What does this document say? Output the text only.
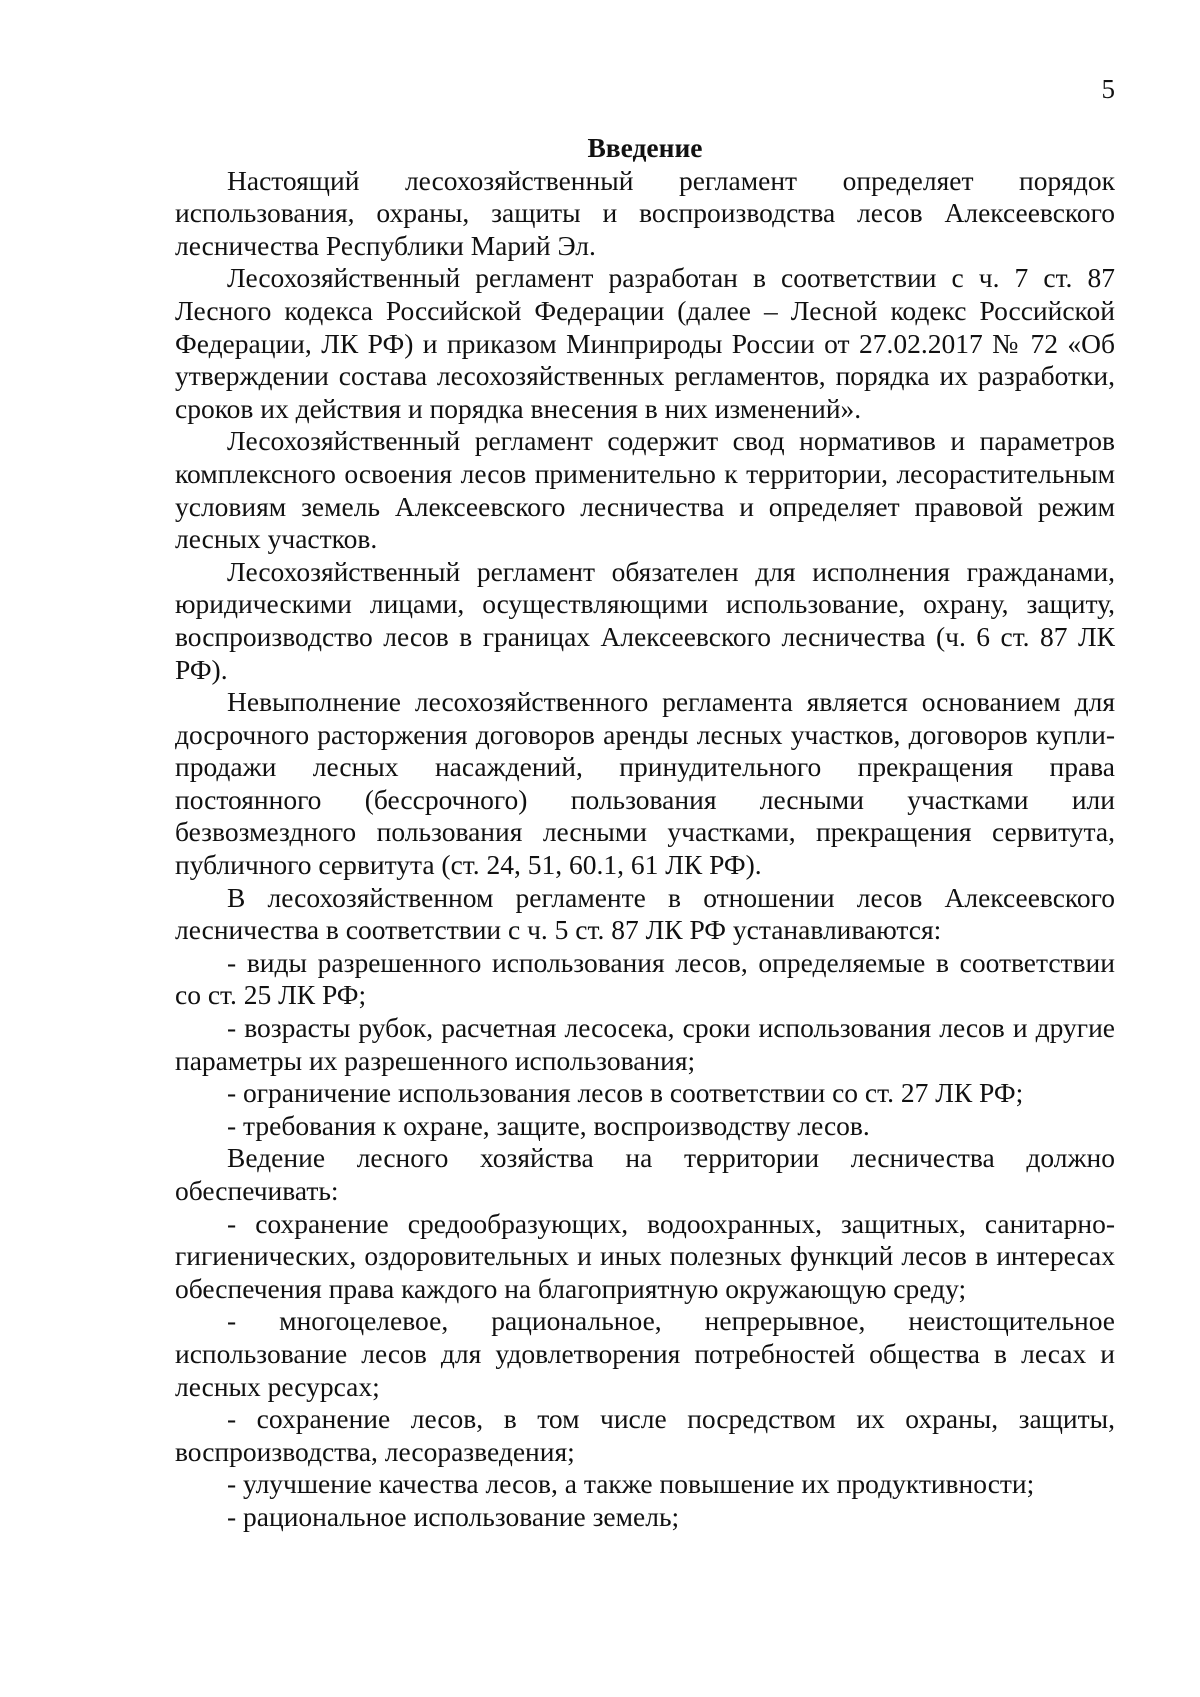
5
Введение

Настоящий лесохозяйственный регламент определяет порядок использования, охраны, защиты и воспроизводства лесов Алексеевского лесничества Республики Марий Эл.

Лесохозяйственный регламент разработан в соответствии с ч. 7 ст. 87 Лесного кодекса Российской Федерации (далее – Лесной кодекс Российской Федерации, ЛК РФ) и приказом Минприроды России от 27.02.2017 № 72 «Об утверждении состава лесохозяйственных регламентов, порядка их разработки, сроков их действия и порядка внесения в них изменений».

Лесохозяйственный регламент содержит свод нормативов и параметров комплексного освоения лесов применительно к территории, лесорастительным условиям земель Алексеевского лесничества и определяет правовой режим лесных участков.

Лесохозяйственный регламент обязателен для исполнения гражданами, юридическими лицами, осуществляющими использование, охрану, защиту, воспроизводство лесов в границах Алексеевского лесничества (ч. 6 ст. 87 ЛК РФ).

Невыполнение лесохозяйственного регламента является основанием для досрочного расторжения договоров аренды лесных участков, договоров купли-продажи лесных насаждений, принудительного прекращения права постоянного (бессрочного) пользования лесными участками или безвозмездного пользования лесными участками, прекращения сервитута, публичного сервитута (ст. 24, 51, 60.1, 61 ЛК РФ).

В лесохозяйственном регламенте в отношении лесов Алексеевского лесничества в соответствии с ч. 5 ст. 87 ЛК РФ устанавливаются:

- виды разрешенного использования лесов, определяемые в соответствии со ст. 25 ЛК РФ;

- возрасты рубок, расчетная лесосека, сроки использования лесов и другие параметры их разрешенного использования;

- ограничение использования лесов в соответствии со ст. 27 ЛК РФ;

- требования к охране, защите, воспроизводству лесов.

Ведение лесного хозяйства на территории лесничества должно обеспечивать:

- сохранение средообразующих, водоохранных, защитных, санитарно-гигиенических, оздоровительных и иных полезных функций лесов в интересах обеспечения права каждого на благоприятную окружающую среду;

- многоцелевое, рациональное, непрерывное, неистощительное использование лесов для удовлетворения потребностей общества в лесах и лесных ресурсах;

- сохранение лесов, в том числе посредством их охраны, защиты, воспроизводства, лесоразведения;

- улучшение качества лесов, а также повышение их продуктивности;

- рациональное использование земель;
